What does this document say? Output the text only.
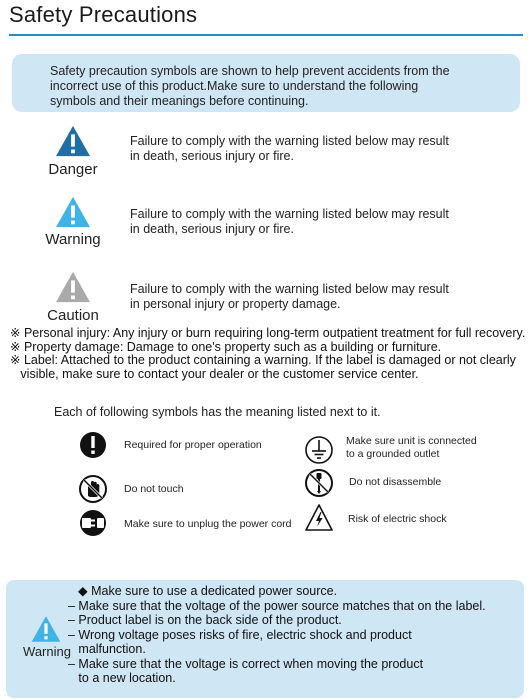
Safety Precautions
Safety precaution symbols are shown to help prevent accidents from the
incorrect use of this product.Make sure to understand the following
symbols and their meanings before continuing.
Danger
Failure to comply with the warning listed below may result
in death, serious injury or fire.
Warning
Failure to comply with the warning listed below may result
in death, serious injury or fire.
Caution
Failure to comply with the warning listed below may result
in personal injury or property damage.
※ Personal injury: Any injury or burn requiring long-term outpatient treatment for full recovery.
※ Property damage: Damage to one's property such as a building or furniture.
※ Label: Attached to the product containing a warning. If the label is damaged or not clearly
visible, make sure to contact your dealer or the customer service center.
Each of following symbols has the meaning listed next to it.
Required for proper operation	Make sure unit is connected
to a grounded outlet
Do not touch
Do not disassemble
Make sure to unplug the power cord	Risk of electric shock
Warning
◆ Make sure to use a dedicated power source.
– Make sure that the voltage of the power source matches that on the label.
– Product label is on the back side of the product.
– Wrong voltage poses risks of fire, electric shock and product
malfunction.
– Make sure that the voltage is correct when moving the product
to a new location.
